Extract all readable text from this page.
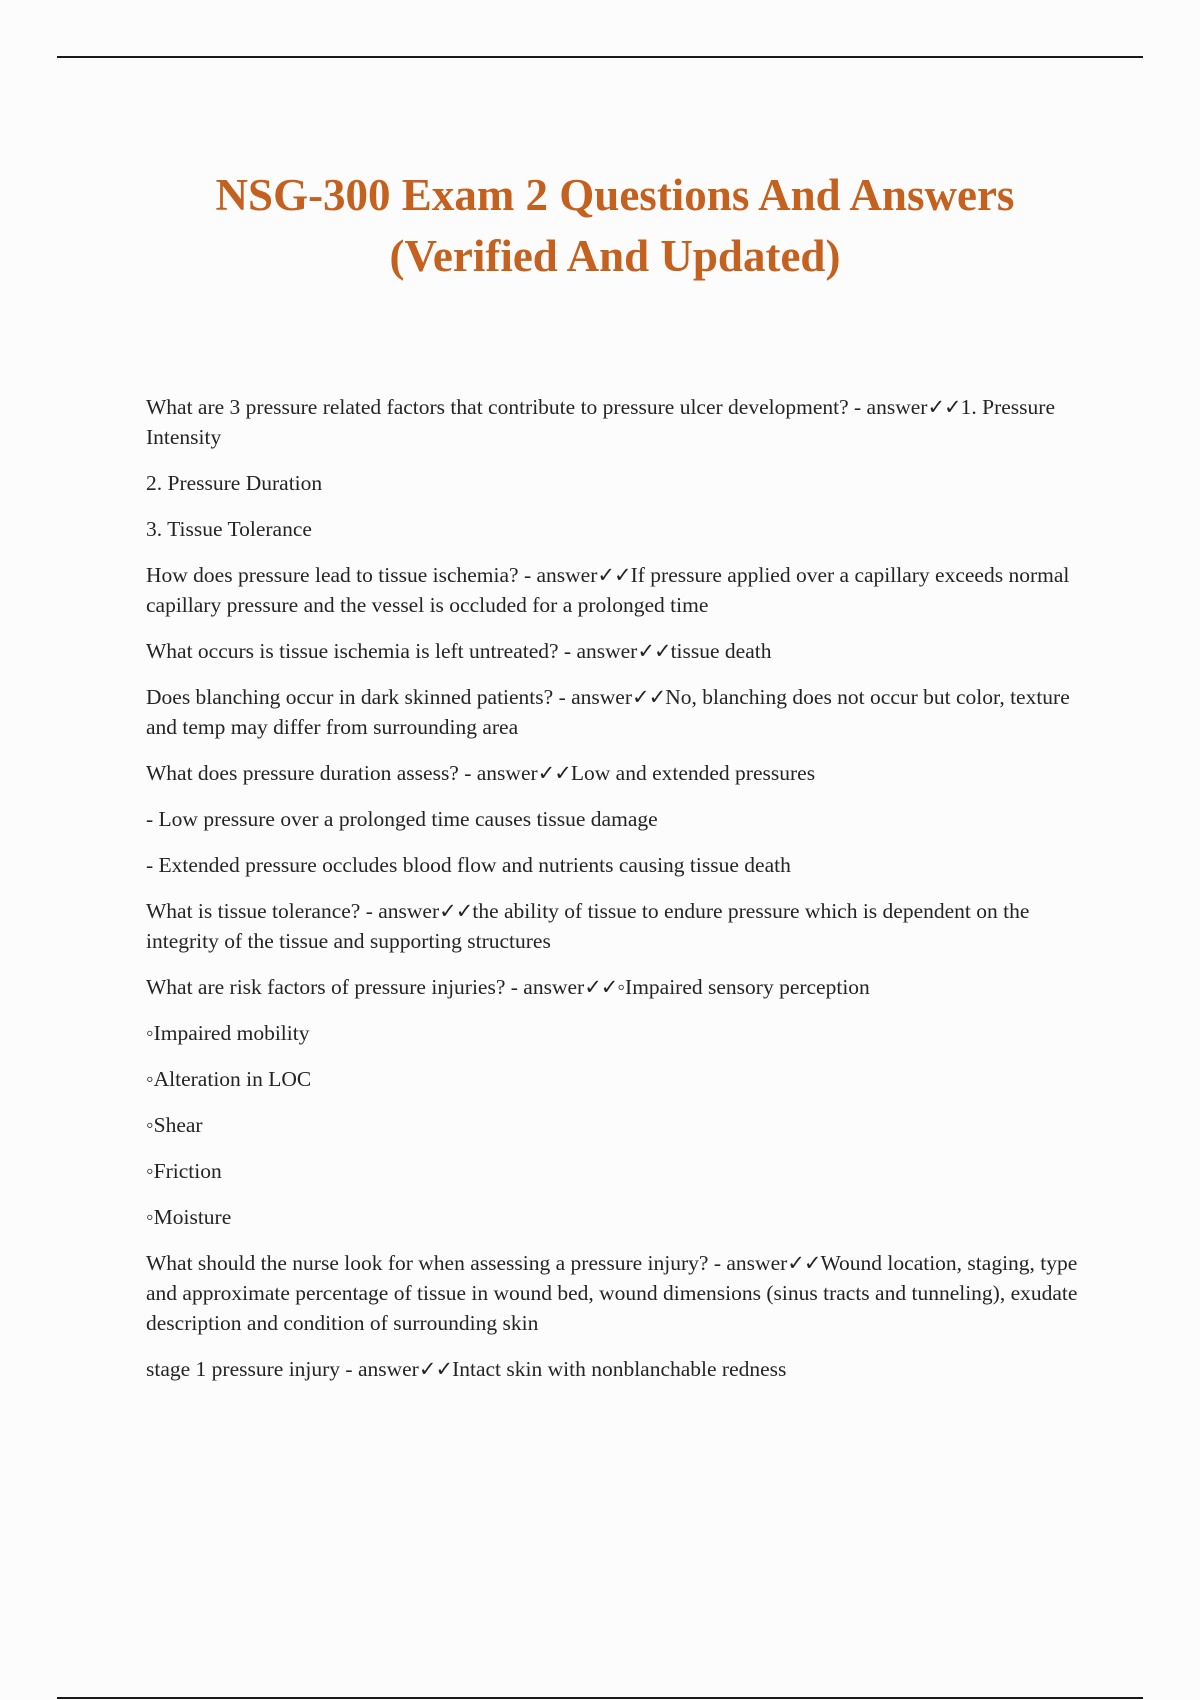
NSG-300 Exam 2 Questions And Answers
(Verified And Updated)

What are 3 pressure related factors that contribute to pressure ulcer development? - answer✓✓1. Pressure Intensity

2. Pressure Duration

3. Tissue Tolerance

How does pressure lead to tissue ischemia? - answer✓✓If pressure applied over a capillary exceeds normal capillary pressure and the vessel is occluded for a prolonged time

What occurs is tissue ischemia is left untreated? - answer✓✓tissue death

Does blanching occur in dark skinned patients? - answer✓✓No, blanching does not occur but color, texture and temp may differ from surrounding area

What does pressure duration assess? - answer✓✓Low and extended pressures

- Low pressure over a prolonged time causes tissue damage

- Extended pressure occludes blood flow and nutrients causing tissue death

What is tissue tolerance? - answer✓✓the ability of tissue to endure pressure which is dependent on the integrity of the tissue and supporting structures

What are risk factors of pressure injuries? - answer✓✓◦Impaired sensory perception

◦Impaired mobility

◦Alteration in LOC

◦Shear

◦Friction

◦Moisture

What should the nurse look for when assessing a pressure injury? - answer✓✓Wound location, staging, type and approximate percentage of tissue in wound bed, wound dimensions (sinus tracts and tunneling), exudate description and condition of surrounding skin

stage 1 pressure injury - answer✓✓Intact skin with nonblanchable redness
